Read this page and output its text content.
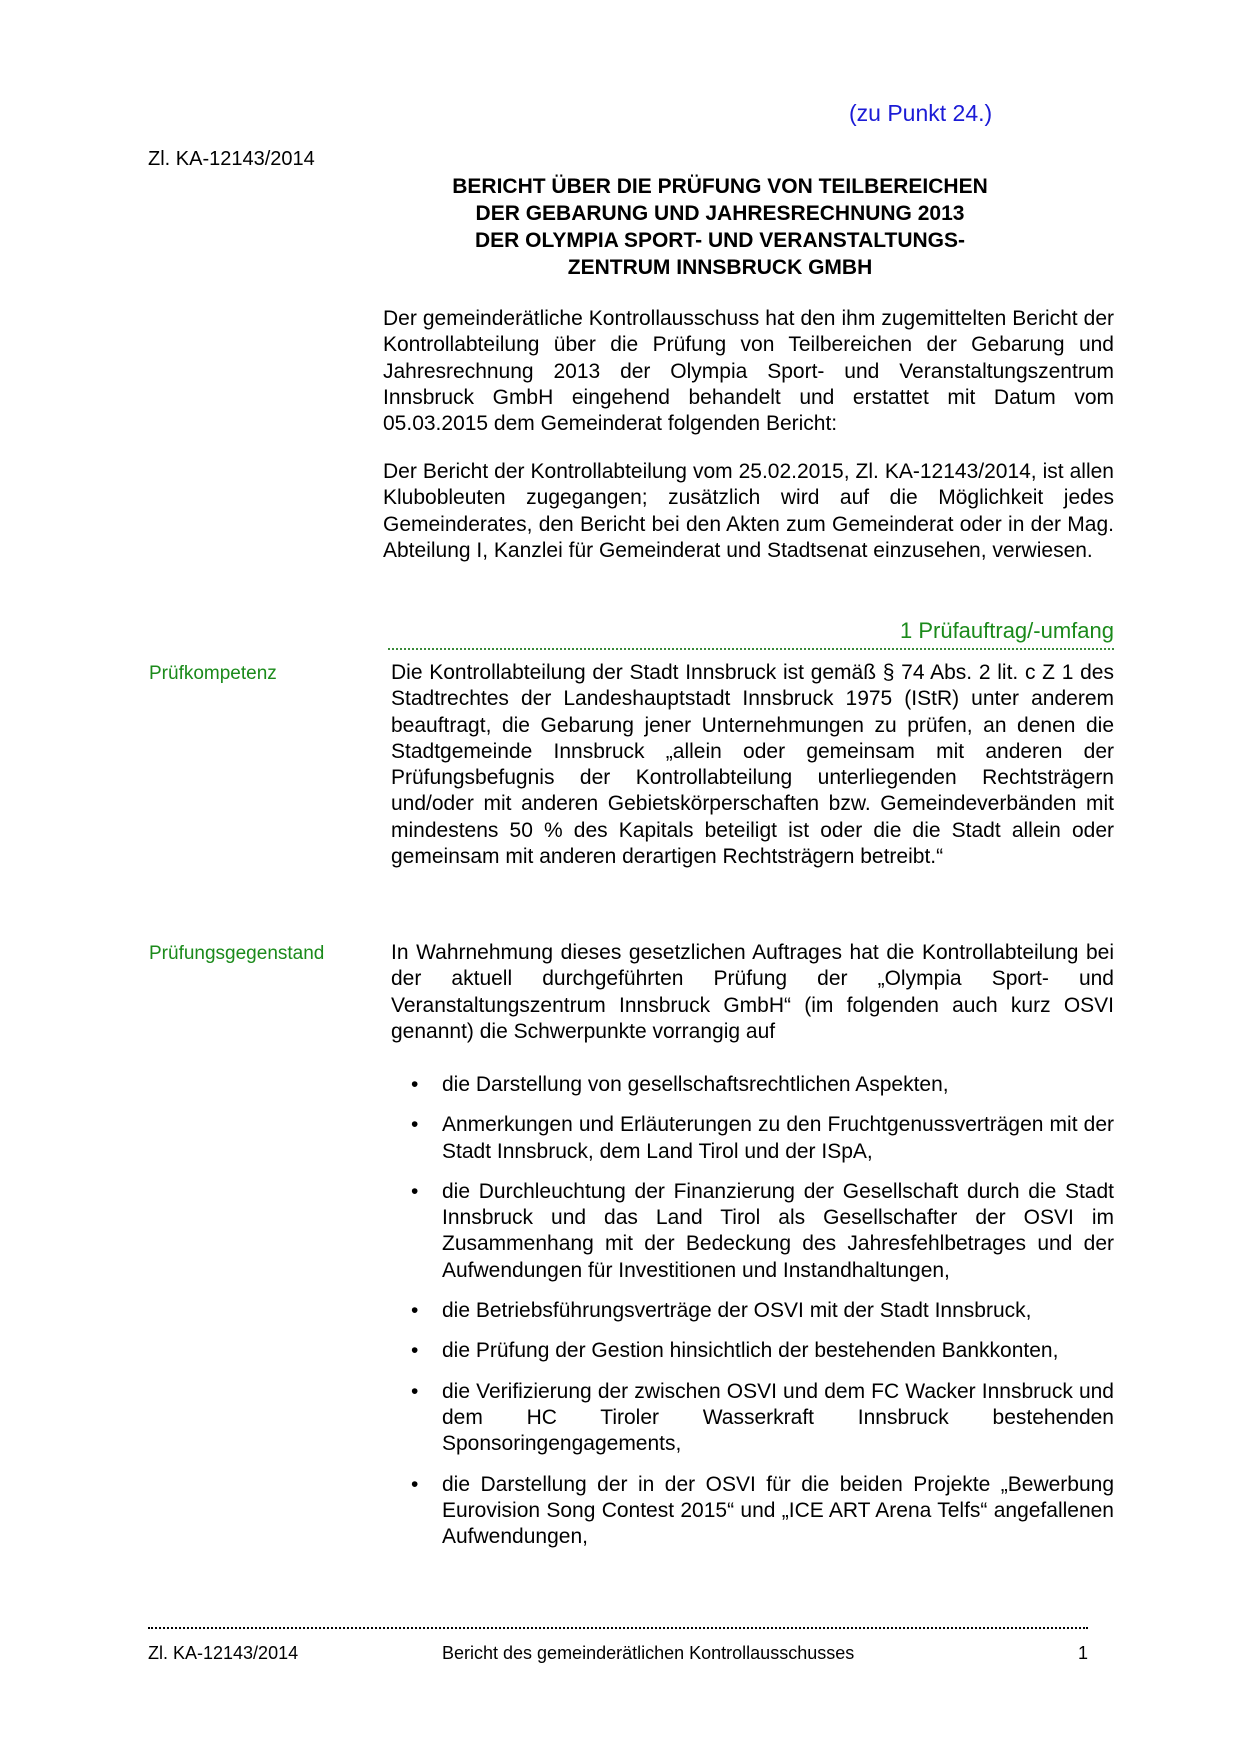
(zu Punkt 24.)
Zl. KA-12143/2014
BERICHT ÜBER DIE PRÜFUNG VON TEILBEREICHEN
DER GEBARUNG UND JAHRESRECHNUNG 2013
DER OLYMPIA SPORT- UND VERANSTALTUNGS-
ZENTRUM INNSBRUCK GMBH
Der gemeinderätliche Kontrollausschuss hat den ihm zugemittelten Bericht der Kontrollabteilung über die Prüfung von Teilbereichen der Gebarung und Jahresrechnung 2013 der Olympia Sport- und Veranstaltungszentrum Innsbruck GmbH eingehend behandelt und erstattet mit Datum vom 05.03.2015 dem Gemeinderat folgenden Bericht:
Der Bericht der Kontrollabteilung vom 25.02.2015, Zl. KA-12143/2014, ist allen Klubobleuten zugegangen; zusätzlich wird auf die Möglichkeit jedes Gemeinderates, den Bericht bei den Akten zum Gemeinderat oder in der Mag. Abteilung I, Kanzlei für Gemeinderat und Stadtsenat einzusehen, verwiesen.
1 Prüfauftrag/-umfang
Prüfkompetenz	Die Kontrollabteilung der Stadt Innsbruck ist gemäß § 74 Abs. 2 lit. c Z 1 des Stadtrechtes der Landeshauptstadt Innsbruck 1975 (IStR) unter anderem beauftragt, die Gebarung jener Unternehmungen zu prüfen, an denen die Stadtgemeinde Innsbruck „allein oder gemeinsam mit anderen der Prüfungsbefugnis der Kontrollabteilung unterliegenden Rechtsträgern und/oder mit anderen Gebietskörperschaften bzw. Gemeindeverbänden mit mindestens 50 % des Kapitals beteiligt ist oder die die Stadt allein oder gemeinsam mit anderen derartigen Rechtsträgern betreibt.“
Prüfungsgegenstand	In Wahrnehmung dieses gesetzlichen Auftrages hat die Kontrollabteilung bei der aktuell durchgeführten Prüfung der „Olympia Sport- und Veranstaltungszentrum Innsbruck GmbH“ (im folgenden auch kurz OSVI genannt) die Schwerpunkte vorrangig auf
• die Darstellung von gesellschaftsrechtlichen Aspekten,
• Anmerkungen und Erläuterungen zu den Fruchtgenussverträgen mit der Stadt Innsbruck, dem Land Tirol und der ISpA,
• die Durchleuchtung der Finanzierung der Gesellschaft durch die Stadt Innsbruck und das Land Tirol als Gesellschafter der OSVI im Zusammenhang mit der Bedeckung des Jahresfehlbetrages und der Aufwendungen für Investitionen und Instandhaltungen,
• die Betriebsführungsverträge der OSVI mit der Stadt Innsbruck,
• die Prüfung der Gestion hinsichtlich der bestehenden Bankkonten,
• die Verifizierung der zwischen OSVI und dem FC Wacker Innsbruck und dem HC Tiroler Wasserkraft Innsbruck bestehenden Sponsoringengagements,
• die Darstellung der in der OSVI für die beiden Projekte „Bewerbung Eurovision Song Contest 2015“ und „ICE ART Arena Telfs“ angefallenen Aufwendungen,
Zl. KA-12143/2014	Bericht des gemeinderätlichen Kontrollausschusses	1
